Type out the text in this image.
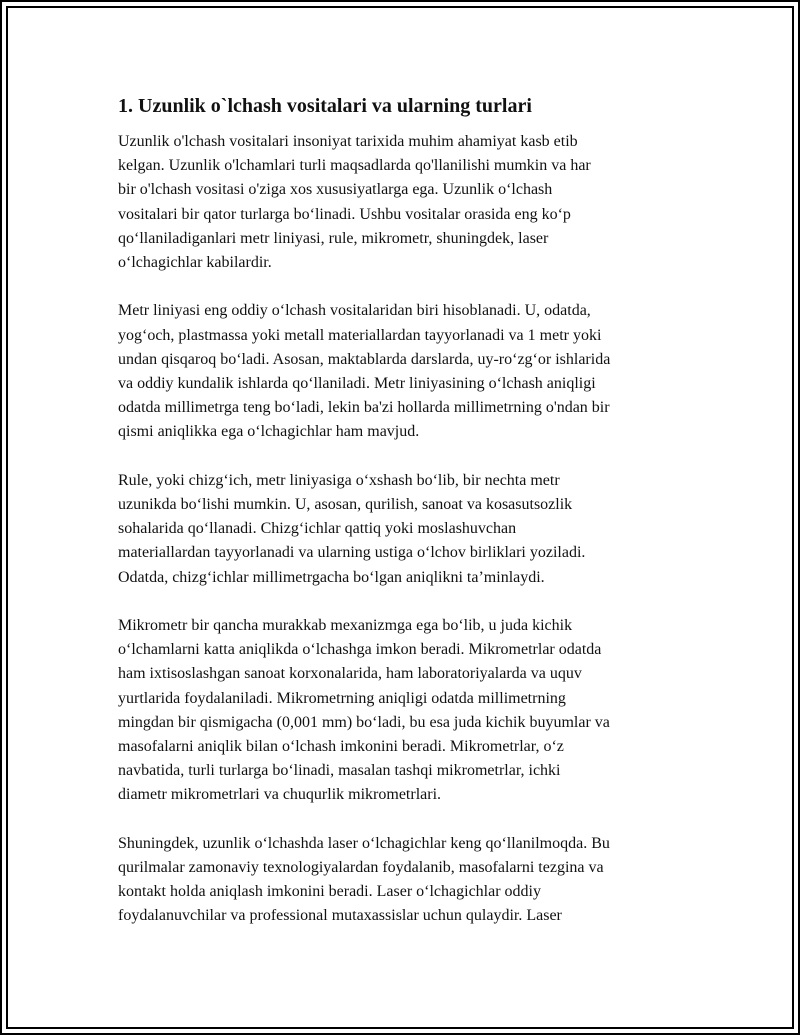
1. Uzunlik o`lchash vositalari va ularning turlari
Uzunlik o'lchash vositalari insoniyat tarixida muhim ahamiyat kasb etib
kelgan. Uzunlik o'lchamlari turli maqsadlarda qo'llanilishi mumkin va har
bir o'lchash vositasi o'ziga xos xususiyatlarga ega. Uzunlik o‘lchash
vositalari bir qator turlarga bo‘linadi. Ushbu vositalar orasida eng ko‘p
qo‘llaniladiganlari metr liniyasi, rule, mikrometr, shuningdek, laser
o‘lchagichlar kabilardir.
Metr liniyasi eng oddiy o‘lchash vositalaridan biri hisoblanadi. U, odatda,
yog‘och, plastmassa yoki metall materiallardan tayyorlanadi va 1 metr yoki
undan qisqaroq bo‘ladi. Asosan, maktablarda darslarda, uy-ro‘zg‘or ishlarida
va oddiy kundalik ishlarda qo‘llaniladi. Metr liniyasining o‘lchash aniqligi
odatda millimetrga teng bo‘ladi, lekin ba'zi hollarda millimetrning o'ndan bir
qismi aniqlikka ega o‘lchagichlar ham mavjud.
Rule, yoki chizg‘ich, metr liniyasiga o‘xshash bo‘lib, bir nechta metr
uzunikda bo‘lishi mumkin. U, asosan, qurilish, sanoat va kosasutsozlik
sohalarida qo‘llanadi. Chizg‘ichlar qattiq yoki moslashuvchan
materiallardan tayyorlanadi va ularning ustiga o‘lchov birliklari yoziladi.
Odatda, chizg‘ichlar millimetrgacha bo‘lgan aniqlikni ta’minlaydi.
Mikrometr bir qancha murakkab mexanizmga ega bo‘lib, u juda kichik
o‘lchamlarni katta aniqlikda o‘lchashga imkon beradi. Mikrometrlar odatda
ham ixtisoslashgan sanoat korxonalarida, ham laboratoriyalarda va uquv
yurtlarida foydalaniladi. Mikrometrning aniqligi odatda millimetrning
mingdan bir qismigacha (0,001 mm) bo‘ladi, bu esa juda kichik buyumlar va
masofalarni aniqlik bilan o‘lchash imkonini beradi. Mikrometrlar, o‘z
navbatida, turli turlarga bo‘linadi, masalan tashqi mikrometrlar, ichki
diametr mikrometrlari va chuqurlik mikrometrlari.
Shuningdek, uzunlik o‘lchashda laser o‘lchagichlar keng qo‘llanilmoqda. Bu
qurilmalar zamonaviy texnologiyalardan foydalanib, masofalarni tezgina va
kontakt holda aniqlash imkonini beradi. Laser o‘lchagichlar oddiy
foydalanuvchilar va professional mutaxassislar uchun qulaydir. Laser
